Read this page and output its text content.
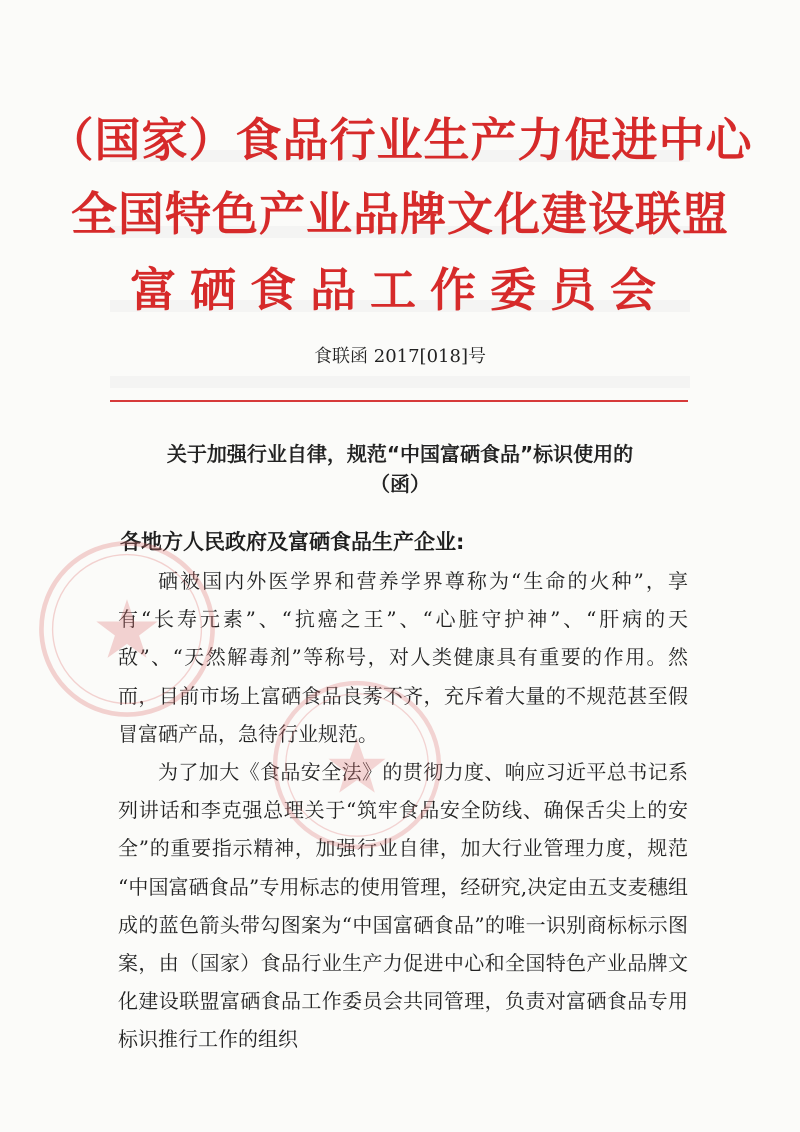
（国家）食品行业生产力促进中心
全国特色产业品牌文化建设联盟
富硒食品工作委员会
食联函 2017[018]号
关于加强行业自律，规范“中国富硒食品”标识使用的
（函）
各地方人民政府及富硒食品生产企业:

硒被国内外医学界和营养学界尊称为“生命的火种”，享有“长寿元素”、“抗癌之王”、“心脏守护神”、“肝病的天敌”、“天然解毒剂”等称号，对人类健康具有重要的作用。然而，目前市场上富硒食品良莠不齐，充斥着大量的不规范甚至假冒富硒产品，急待行业规范。

为了加大《食品安全法》的贯彻力度、响应习近平总书记系列讲话和李克强总理关于“筑牢食品安全防线、确保舌尖上的安全”的重要指示精神，加强行业自律，加大行业管理力度，规范 “中国富硒食品”专用标志的使用管理，经研究,决定由五支麦穗组成的蓝色箭头带勾图案为“中国富硒食品”的唯一识别商标标示图案，由（国家）食品行业生产力促进中心和全国特色产业品牌文化建设联盟富硒食品工作委员会共同管理，负责对富硒食品专用标识推行工作的组织
